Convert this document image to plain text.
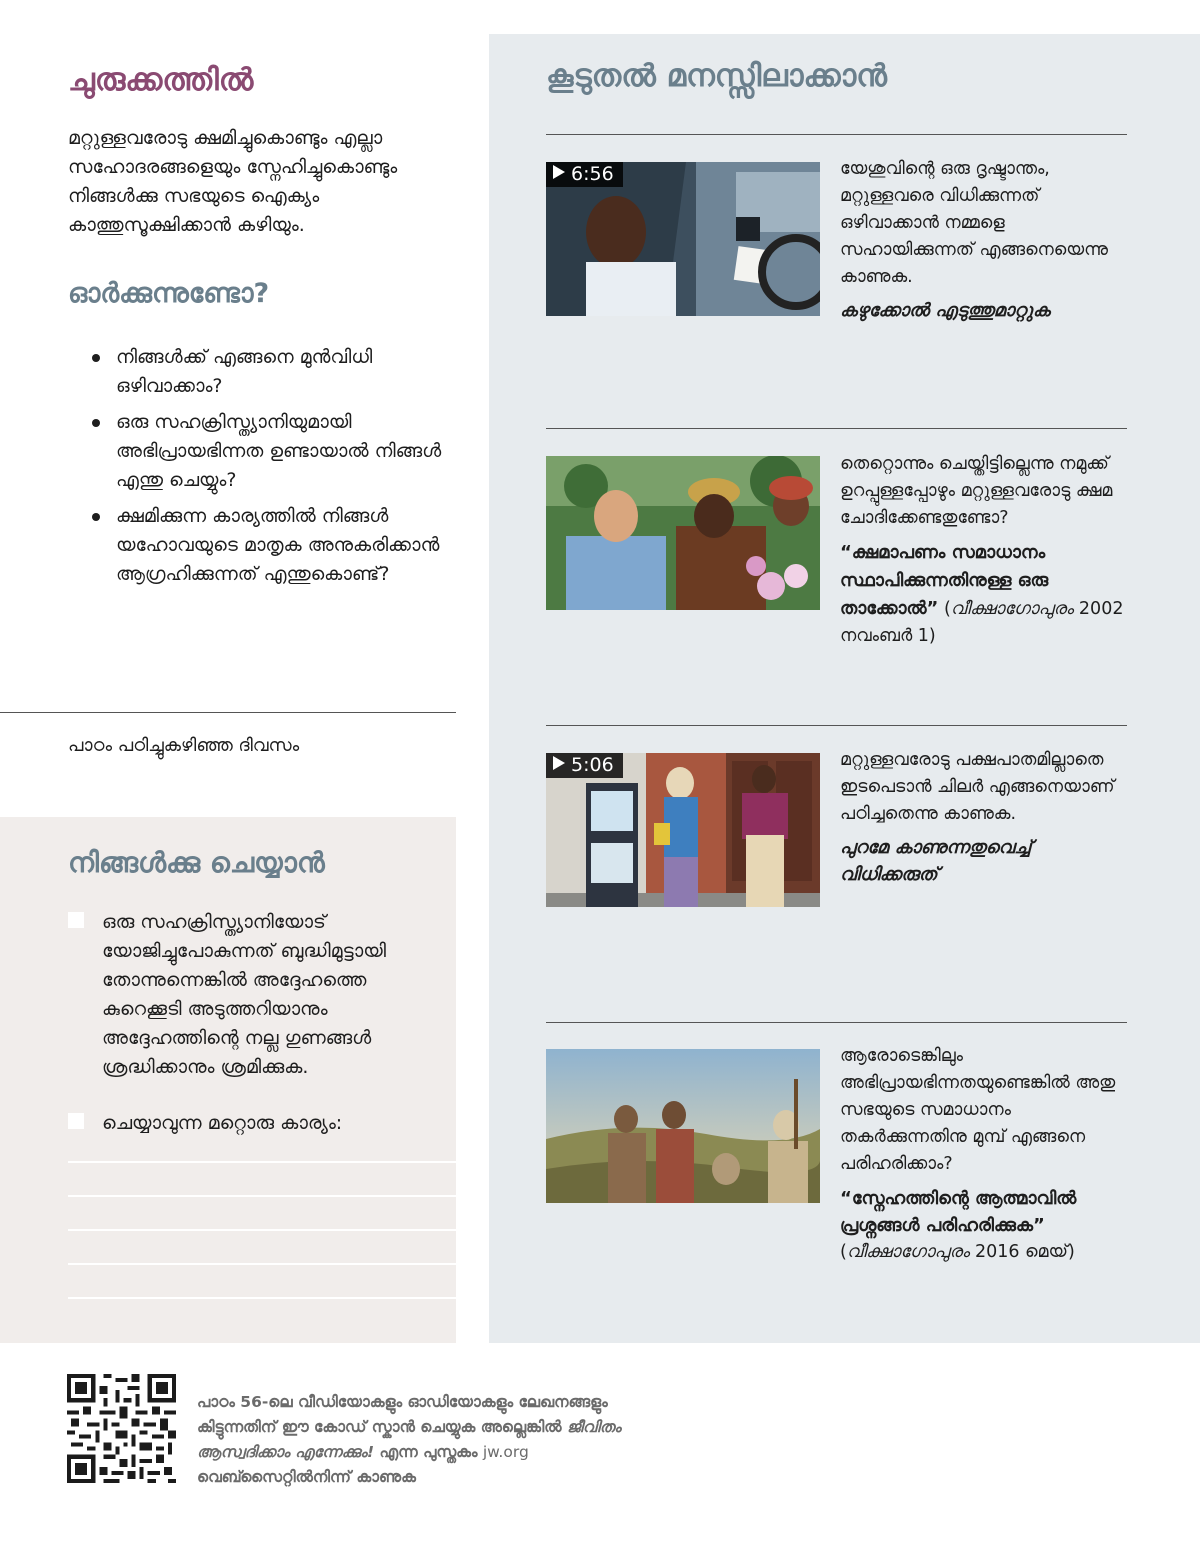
ചുരുക്കത്തിൽ
മറ്റുള്ളവരോടു ക്ഷമിച്ചുകൊണ്ടും എല്ലാ സഹോദരങ്ങളെയും സ്നേഹിച്ചുകൊണ്ടും നിങ്ങൾക്കു സഭയുടെ ഐക്യം കാത്തുസൂക്ഷിക്കാൻ കഴിയും.
ഓർക്കുന്നുണ്ടോ?
നിങ്ങൾക്ക് എങ്ങനെ മുൻവിധി ഒഴിവാക്കാം?
ഒരു സഹക്രിസ്ത്യാനിയുമായി അഭിപ്രായഭിന്നത ഉണ്ടായാൽ നിങ്ങൾ എന്തു ചെയ്യും?
ക്ഷമിക്കുന്ന കാര്യത്തിൽ നിങ്ങൾ യഹോവയുടെ മാതൃക അനുകരിക്കാൻ ആഗ്രഹിക്കുന്നത് എന്തുകൊണ്ട്?
പാഠം പഠിച്ചുകഴിഞ്ഞ ദിവസം
നിങ്ങൾക്കു ചെയ്യാൻ
ഒരു സഹക്രിസ്ത്യാനിയോട് യോജിച്ചുപോകുന്നത് ബുദ്ധിമുട്ടായി തോന്നുന്നെങ്കിൽ അദ്ദേഹത്തെ കുറെക്കൂടി അടുത്തറിയാനും അദ്ദേഹത്തിന്റെ നല്ല ഗുണങ്ങൾ ശ്രദ്ധിക്കാനും ശ്രമിക്കുക.
ചെയ്യാവുന്ന മറ്റൊരു കാര്യം:
കൂടുതൽ മനസ്സിലാക്കാൻ
6:56	യേശുവിന്റെ ഒരു ദൃഷ്ടാന്തം, മറ്റുള്ളവരെ വിധിക്കുന്നത് ഒഴിവാക്കാൻ നമ്മളെ സഹായിക്കുന്നത് എങ്ങനെയെന്നു കാണുക.

കഴുക്കോൽ എടുത്തുമാറ്റുക

തെറ്റൊന്നും ചെയ്തിട്ടില്ലെന്നു നമുക്ക് ഉറപ്പുള്ളപ്പോഴും മറ്റുള്ളവരോടു ക്ഷമ ചോദിക്കേണ്ടതുണ്ടോ?

“ക്ഷമാപണം സമാധാനം സ്ഥാപിക്കുന്നതിനുള്ള ഒരു താക്കോൽ” (വീക്ഷാഗോപുരം 2002 നവംബർ 1)

5:06	മറ്റുള്ളവരോടു പക്ഷപാതമില്ലാതെ ഇടപെടാൻ ചിലർ എങ്ങനെയാണ് പഠിച്ചതെന്നു കാണുക.

പുറമേ കാണുന്നതുവെച്ച് വിധിക്കരുത്

ആരോടെങ്കിലും അഭിപ്രായഭിന്നതയുണ്ടെങ്കിൽ അതു സഭയുടെ സമാധാനം തകർക്കുന്നതിനു മുമ്പ് എങ്ങനെ പരിഹരിക്കാം?

“സ്നേഹത്തിന്റെ ആത്മാവിൽ പ്രശ്നങ്ങൾ പരിഹരിക്കുക”

(വീക്ഷാഗോപുരം 2016 മെയ്)

പാഠം 56-ലെ വീഡിയോകളും ഓഡിയോകളും ലേഖനങ്ങളും കിട്ടുന്നതിന് ഈ കോഡ് സ്കാൻ ചെയ്യുക അല്ലെങ്കിൽ ജീവിതം ആസ്വദിക്കാം എന്നേക്കും! എന്ന പുസ്തകം jw.org വെബ്സൈറ്റിൽനിന്ന് കാണുക
